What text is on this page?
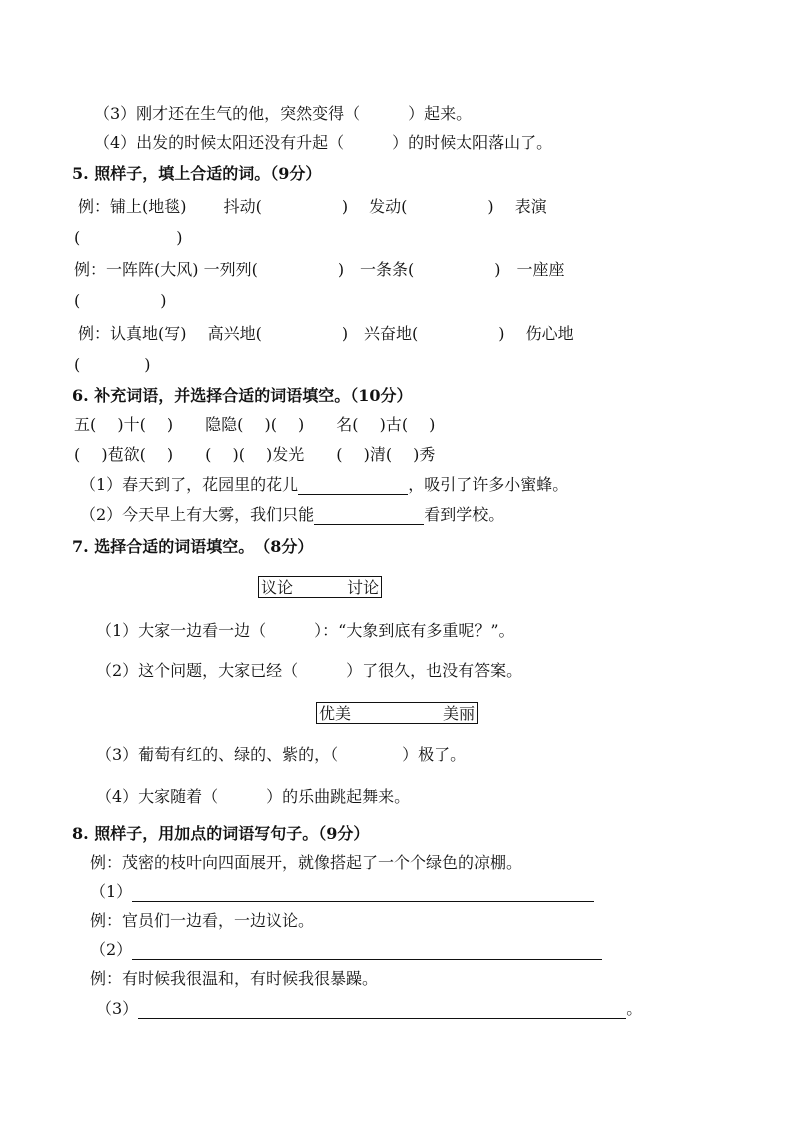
（3）刚才还在生气的他，突然变得（　　　）起来。
（4）出发的时候太阳还没有升起（　　　）的时候太阳落山了。
5. 照样子，填上合适的词。（9分）
例：铺上(地毯)　　 抖动(　　　　　)　 发动(　　　　　)　 表演
(　　　　　　)
例：一阵阵(大风) 一列列(　　　　　)　一条条(　　　　　)　一座座
(　　　　　)
例：认真地(写)　 高兴地(　　　　　)　兴奋地(　　　　　)　 伤心地
(　　　　)
6. 补充词语，并选择合适的词语填空。（10分）
五(　 )十(　 )　　隐隐(　 )(　 )　　名(　 )古(　 )
(　 )苞欲(　 )　　(　 )(　 )发光　　(　 )清(　 )秀
（1）春天到了，花园里的花儿	，吸引了许多小蜜蜂。
（2）今天早上有大雾，我们只能	看到学校。
7. 选择合适的词语填空。　（8分）
议论	讨论
（1）大家一边看一边（　　　）：“大象到底有多重呢？”。
（2）这个问题，大家已经（　　　）了很久，也没有答案。
优美	美丽
（3）葡萄有红的、绿的、紫的，（　　　　）极了。
（4）大家随着（　　　）的乐曲跳起舞来。
8. 照样子，用加点的词语写句子。（9分）
例：茂密的枝叶向四面展开，就像搭起了一个个绿色的凉棚。
（1）
例：官员们一边看，一边议论。
（2）
例：有时候我很温和，有时候我很暴躁。
（3）	。
